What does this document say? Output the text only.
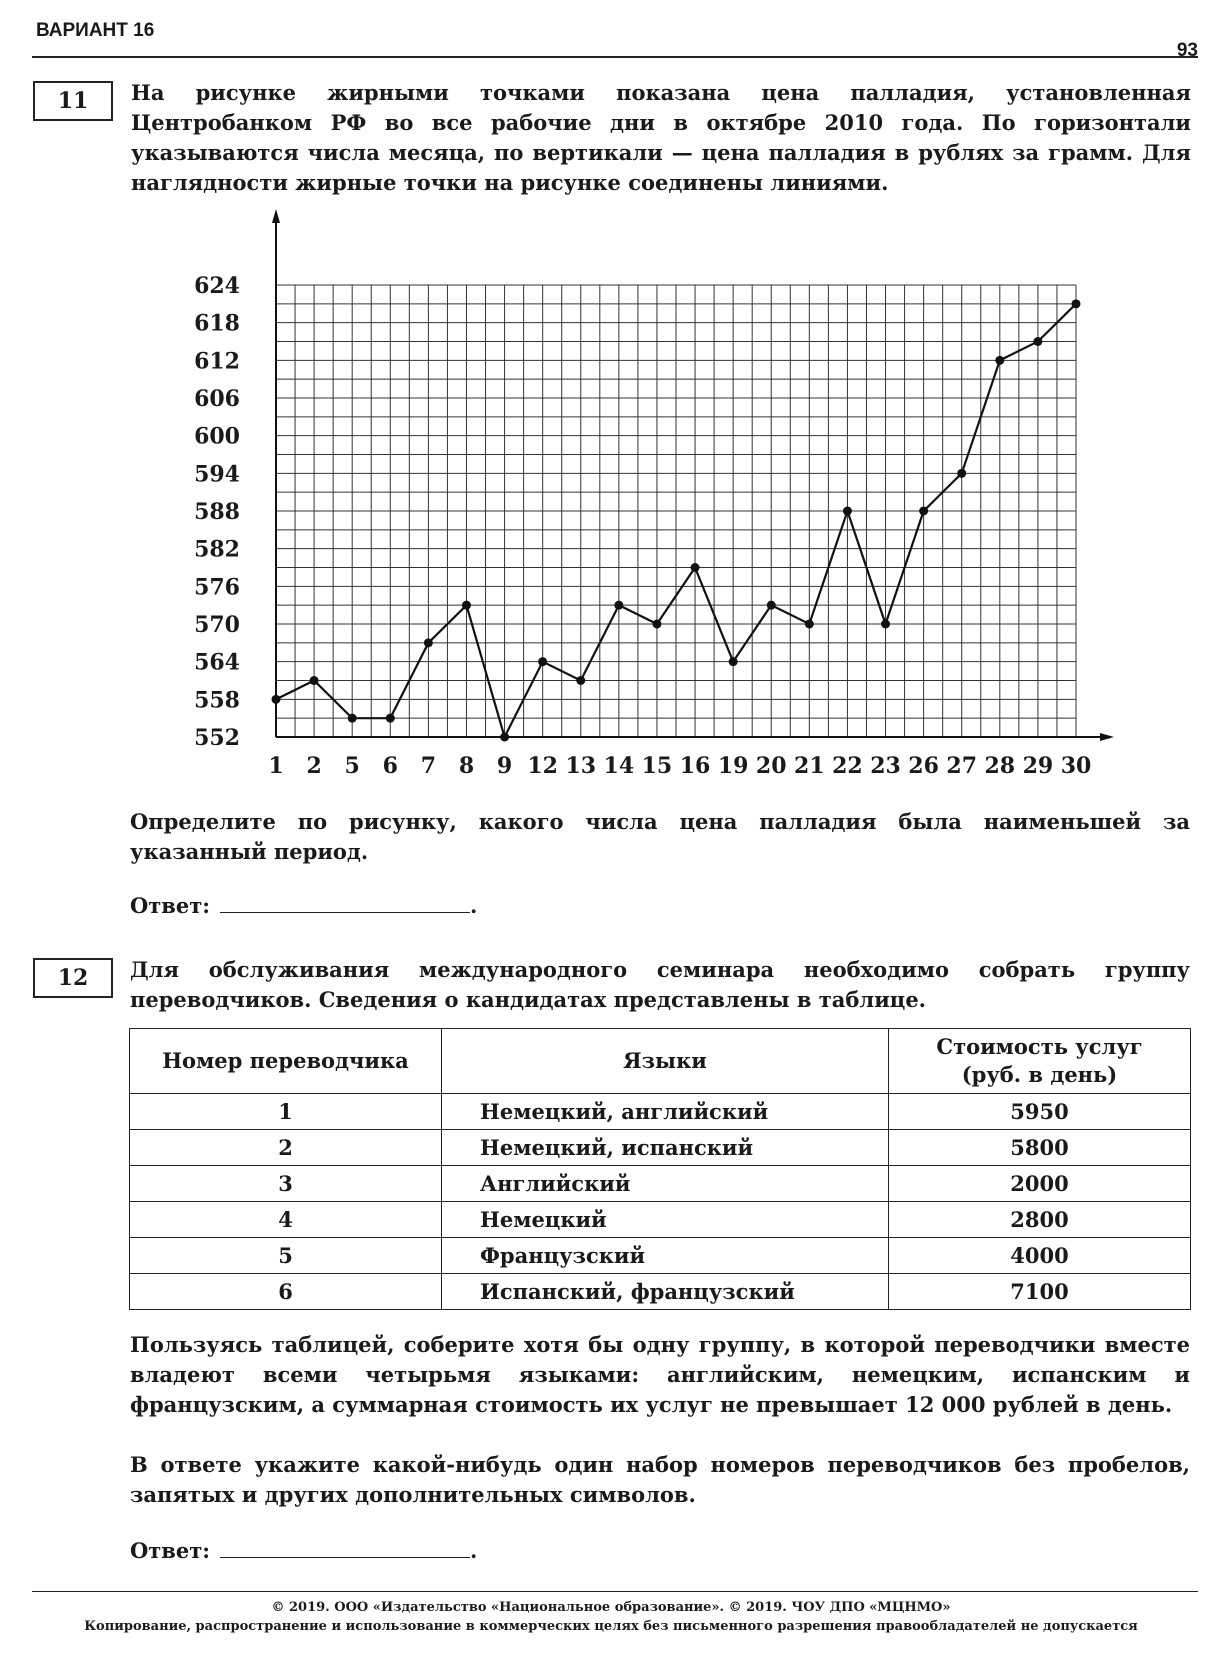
ВАРИАНТ 16
93
11	На рисунке жирными точками показана цена палладия, установленная Центробанком РФ во все рабочие дни в октябре 2010 года. По горизонтали указываются числа месяца, по вертикали — цена палладия в рублях за грамм. Для наглядности жирные точки на рисунке соединены линиями.
552
558
564
570
576
582
588
594
600
606
612
618
624
1 2 5 6 7 8 9 12 13 14 15 16 19 20 21 22 23 26 27 28 29 30
Определите по рисунку, какого числа цена палладия была наименьшей за указанный период.
Ответ:	.
12	Для обслуживания международного семинара необходимо собрать группу переводчиков. Сведения о кандидатах представлены в таблице.
Номер переводчика	Языки	Стоимость услуг
(руб. в день)
1	Немецкий, английский	5950
2	Немецкий, испанский	5800
3	Английский	2000
4	Немецкий	2800
5	Французский	4000
6	Испанский, французский	7100
Пользуясь таблицей, соберите хотя бы одну группу, в которой переводчики вместе владеют всеми четырьмя языками: английским, немецким, испанским и французским, а суммарная стоимость их услуг не превышает 12 000 рублей в день.
В ответе укажите какой-нибудь один набор номеров переводчиков без пробелов, запятых и других дополнительных символов.
Ответ:	.
© 2019. ООО «Издательство «Национальное образование». © 2019. ЧОУ ДПО «МЦНМО»
Копирование, распространение и использование в коммерческих целях без письменного разрешения правообладателей не допускается
